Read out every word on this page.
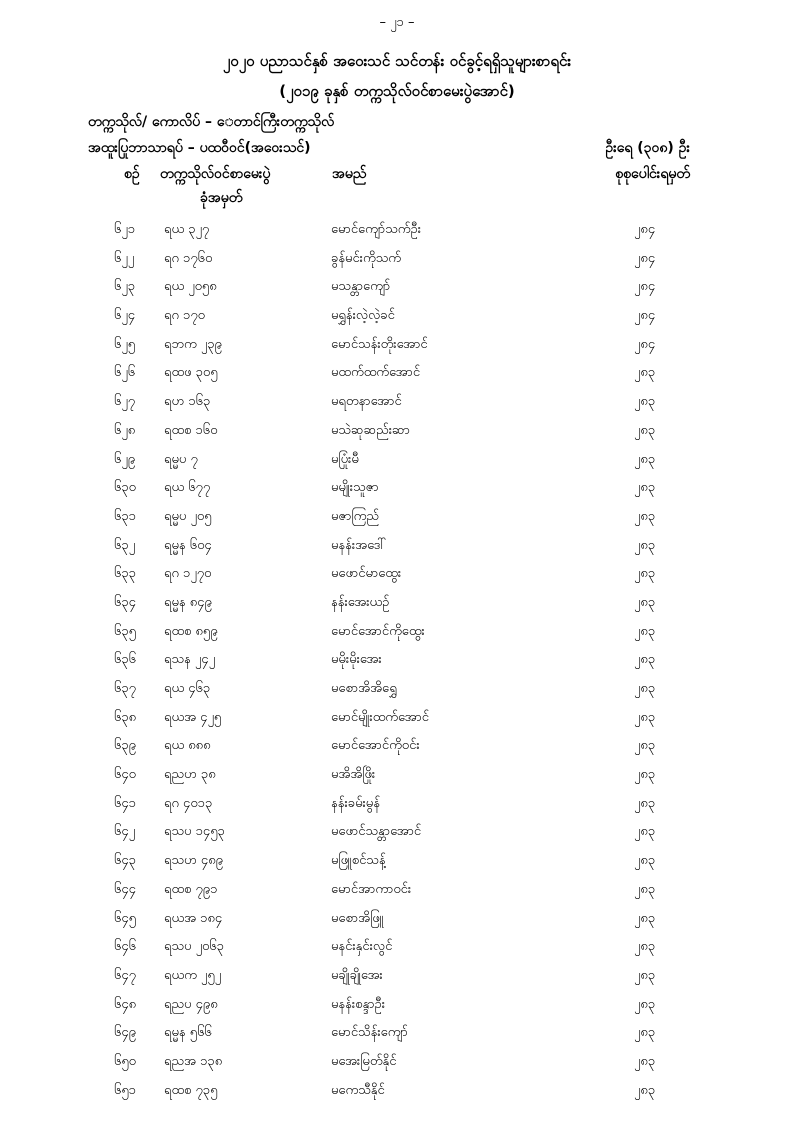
– ၂၁ –
၂၀၂၀ ပညာသင်နှစ် အဝေးသင် သင်တန်း ဝင်ခွင့်ရရှိသူများစာရင်း
(၂၀၁၉ ခုနှစ် တက္ကသိုလ်ဝင်စာမေးပွဲအောင်)
တက္ကသိုလ်/ ကောလိပ် – ‌ေတာင်ကြီးတက္ကသိုလ်
အထူးပြုဘာသာရပ် – ပထဝီဝင်(အဝေးသင်)	ဦးရေ (၃၀၈) ဦး
စဉ် တက္ကသိုလ်ဝင်စာမေးပွဲ
ခုံအမှတ်
အမည်	စုစုပေါင်းရမှတ်
၆၂၁ ရယ ၃၂၇	မောင်ကျော်သက်ဦး	၂၈၄
၆၂၂ ရဂ ၁၇၆၀	ခွန်မင်းကိုသက်	၂၈၄
၆၂၃ ရယ ၂၀၅၈	မသန္တာကျော်	၂၈၄
၆၂၄ ရဂ ၁၇၀	မရွှန်းလဲ့လဲ့ခင်	၂၈၄
၆၂၅ ရဘက ၂၃၉	မောင်သန်းတိုးအောင်	၂၈၄
၆၂၆ ရထဖ ၃၀၅	မထက်ထက်အောင်	၂၈၃
၆၂၇ ရဟ ၁၆၃	မရတနာအောင်	၂၈၃
၆၂၈ ရထစ ၁၆၀	မသဲဆုဆည်းဆာ	၂၈၃
၆၂၉ ရမ္မပ ၇	မပြုံးမီ	၂၈၃
၆၃၀ ရယ ၆၇၇	မမျိုးသူဇာ	၂၈၃
၆၃၁ ရမ္မပ ၂၀၅	မဇာကြည်	၂၈၃
၆၃၂ ရမ္မန ၆၀၄	မနန်းအဒေါ်	၂၈၃
၆၃၃ ရဂ ၁၂၇၀	မဖောင်မာထွေး	၂၈၃
၆၃၄ ရမ္မန ၈၄၉	နန်းအေးယဉ်	၂၈၃
၆၃၅ ရထစ ၈၅၉	မောင်အောင်ကိုထွေး	၂၈၃
၆၃၆ ရသန ၂၄၂	မမိုးမိုးအေး	၂၈၃
၆၃၇ ရယ ၄၆၃	မစောအိအိရွှေ	၂၈၃
၆၃၈ ရယအ ၄၂၅	မောင်မျိုးထက်အောင်	၂၈၃
၆၃၉ ရယ ၈၈၈	မောင်အောင်ကိုဝင်း	၂၈၃
၆၄၀ ရညဟ ၃၈	မအိအိဖြိုး	၂၈၃
၆၄၁ ရဂ ၄၀၁၃	နန်းခမ်းမွန်	၂၈၃
၆၄၂ ရသပ ၁၄၅၃	မဖောင်သန္တာအောင်	၂၈၃
၆၄၃ ရသဟ ၄၈၉	မဖြူစင်သန့်	၂၈၃
၆၄၄ ရထစ ၇၉၁	မောင်အာကာဝင်း	၂၈၃
၆၄၅ ရယအ ၁၈၄	မစောအိဖြူ	၂၈၃
၆၄၆ ရသပ ၂၀၆၃	မနင်းနှင်းလွင်	၂၈၃
၆၄၇ ရယက ၂၅၂	မချိုချိုအေး	၂၈၃
၆၄၈ ရညပ ၄၉၈	မနန်းစန္ဒာဦး	၂၈၃
၆၄၉ ရမ္မန ၅၆၆	မောင်သိန်းကျော်	၂၈၃
၆၅၀ ရညအ ၁၃၈	မအေးမြတ်နိုင်	၂၈၃
၆၅၁ ရထစ ၇၃၅	မကေသီနိုင်	၂၈၃
